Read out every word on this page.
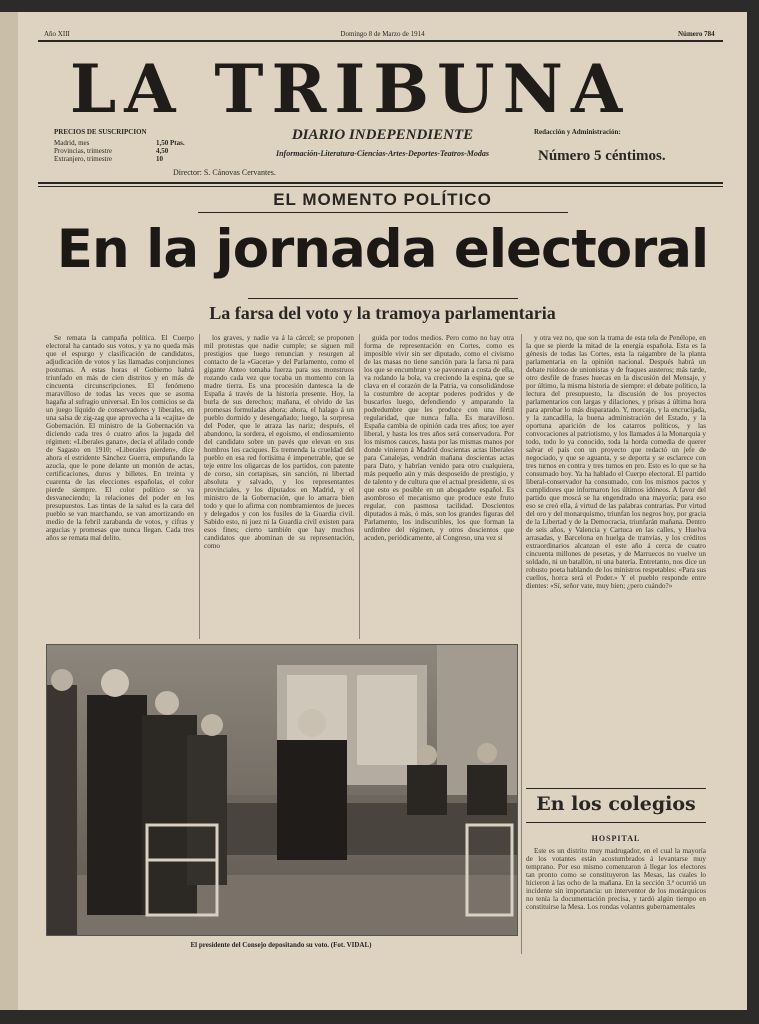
Año XIII	Domingo 8 de Marzo de 1914	Número 784
LA TRIBUNA
PRECIOS DE SUSCRIPCION
Madrid, mes	1,50 Ptas.
Provincias, trimestre	4,50
Extranjero, trimestre	10
DIARIO INDEPENDIENTE
Información-Literatura-Ciencias-Artes-Deportes-Teatros-Modas
Director: S. Cánovas Cervantes.
Redacción y Administración:
Número 5 céntimos.
EL MOMENTO POLÍTICO
En la jornada electoral
La farsa del voto y la tramoya parlamentaria

Se remata la campaña política. El Cuerpo electoral ha cantado sus votos, y ya no queda más que el espurgo y clasificación de candidatos, adjudicación de votos y las llamadas conjunciones postumas. A estas horas el Gobierno habrá triunfado en más de cien distritos y en más de cincuenta circunscripciones. El fenómeno maravilloso de todas las veces que se asoma hagaña al sufragio universal. En los comicios se da un juego líquido de conservadores y liberales, en una salsa de zig-zag que aprovecha a la «cajita» de Gobernación. El ministro de la Gobernación va diciendo cada tres ó cuatro años la jugada del régimen: «Liberales ganan», decía el afilado conde de Sagasto en 1910; «Liberales pierden», dice ahora el estridente Sánchez Guerra, empuñando la azucla, que le pone delante un montón de actas, certificaciones, duros y billetes. En treinta y cuarenta de las elecciones españolas, el color pierde siempre. El color político se va desvaneciendo; la relaciones del poder en los presupuestos. Las tintas de la salud es la cara del pueblo se van marchando, se van amortizando en medio de la febril zarabanda de votos, y cifras y argucias y promesas que nunca llegan. Cada tres años se remata mal delito.

los graves, y nadie va á la cárcel; se proponen mil protestas que nadie cumple; se siguen mil prestigios que luego renuncian y resurgen al contacto de la «Gaceta» y del Parlamento, como el gigante Anteo tomaba fuerza para sus monstruos rozando cada vez que tocaba un momento con la madre tierra. Es una procesión dantesca la de España á través de la historia presente. Hoy, la burla de sus derechos; mañana, el olvido de las promesas formuladas ahora; ahora, el halago á un pueblo dormido y desengañado; luego, la sorpresa del Poder, que le atraza las nariz; después, el abandono, la sordera, el egoísmo, el endiosamiento del candidato sobre un pavés que elevan en sus hombros los caciques. Es tremenda la crueldad del pueblo en esa red fortísima é impenetrable, que se teje entre los oligarcas de los partidos, con patente de corso, sin cortapisas, sin sanción, ni libertad absoluta y salvado, y los representantes provinciales, y los diputados en Madrid, y el ministro de la Gobernación, que lo amarra bien todo y que lo afirma con nombramientos de jueces y delegados y con los fusiles de la Guardia civil. Sabido esto, ni juez ni la Guardia civil existen para esos fines; cierto también que hay muchos candidatos que abominan de su representación, como

guida por todos medios. Pero como no hay otra forma de representación en Cortes, como es imposible vivir sin ser diputado, como el civismo de las masas no tiene sanción para la farsa ni para los que se encumbran y se pavonean a costa de ella, va rodando la bola, va creciendo la espina, que se clava en el corazón de la Patria, va consolidándose la costumbre de aceptar poderes podridos y de buscarlos luego, defendiendo y amparando la podredumbre que les produce con una fértil regularidad, que nunca falla. Es maravilloso. España cambia de opinión cada tres años; toe ayer liberal, y hasta los tres años será conservadora. Por los mismos cauces, hasta por las mismas manos por donde vinieron á Madrid doscientas actas liberales para Canalejas, vendrán mañana doscientas actas para Dato, y habrían venido para otro cualquiera, más pequeño aún y más desposeído de prestigio, y de talento y de cultura que el actual presidente, si es que esto es posible en un abogadete español. Es asombroso el mecanismo que produce este fruto regular, con pasmosa tacilidad. Doscientos diputados á más, ó más, son los grandes figuras del Parlamento, los indiscutibles, los que forman la urdimbre del régimen, y otros doscientos que acuden, periódicamente, al Congreso, una vez si

y otra vez no, que son la trama de esta tela de Penélope, en la que se pierde la mitad de la energía española. Esta es la génesis de todas las Cortes, esta la raigambre de la planta parlamentaria en la opinión nacional. Después habrá un debate ruidoso de unionistas y de fraques austeros; más tarde, otro desfile de frases huecas en la discusión del Mensaje, y por último, la misma historia de siempre: el debate político, la lectura del presupuesto, la discusión de los proyectos parlamentarios con largas y dilaciones, y prisas á última hora para aprobar lo más disparatado. Y, morcajo, y la encrucijada, y la zancadilla, la buena administración del Estado, y la oportuna aparición de los catarros políticos, y las convocaciones al patriotismo, y los llamados á la Monarquía y todo, todo lo ya conocido, toda la horda comedia de querer salvar el país con un proyecto que redactó un jefe de negociado, y que se aguanta, y se deporta y se esclarece con tres turnos en contra y tres turnos en pro. Esto es lo que se ha consumado hoy. Ya ha hablado el Cuerpo electoral. El partido liberal-conservador ha consumado, con los mismos pactos y cumplidores que informaron los últimos idóneos. A favor del partido que moscá se ha engendrado una mayoría; para eso eso se creó ella, á virtud de las palabras contrarias. Por virtud del oro y del monarquismo, triunfan los negros hoy, por gracia de la Libertad y de la Democracia, triunfarán mañana. Dentro de seis años, y Valencia y Cartuca en las calles, y Huelva arrasadas, y Barcelona en huelga de tranvías, y los créditos extraordinarios alcanzan el este año á cerca de cuatro cincuenta millones de pesetas, y de Marruecos no vuelve un soldado, ni un batallón, ni una batería. Entretanto, nos dice un robusto poeta hablando de los ministros respetables: «Para sus cuellos, horca será el Poder.» Y el pueblo responde entre dientes: «Sí, señor vate, muy bien; ¿pero cuándo?»

El presidente del Consejo depositando su voto. (Fot. VIDAL)
En los colegios
HOSPITAL

Este es un distrito muy madrugador, en el cual la mayoría de los votantes están acostumbrados á levantarse muy temprano. Por eso mismo comenzaron á llegar los electores tan pronto como se constituyeron las Mesas, las cuales lo hicieron á las ocho de la mañana. En la sección 3.ª ocurrió un incidente sin importancia: un interventor de los monárquicos no tenía la documentación precisa, y tardó algún tiempo en constituirse la Mesa. Los rondas volantes gubernamentales
